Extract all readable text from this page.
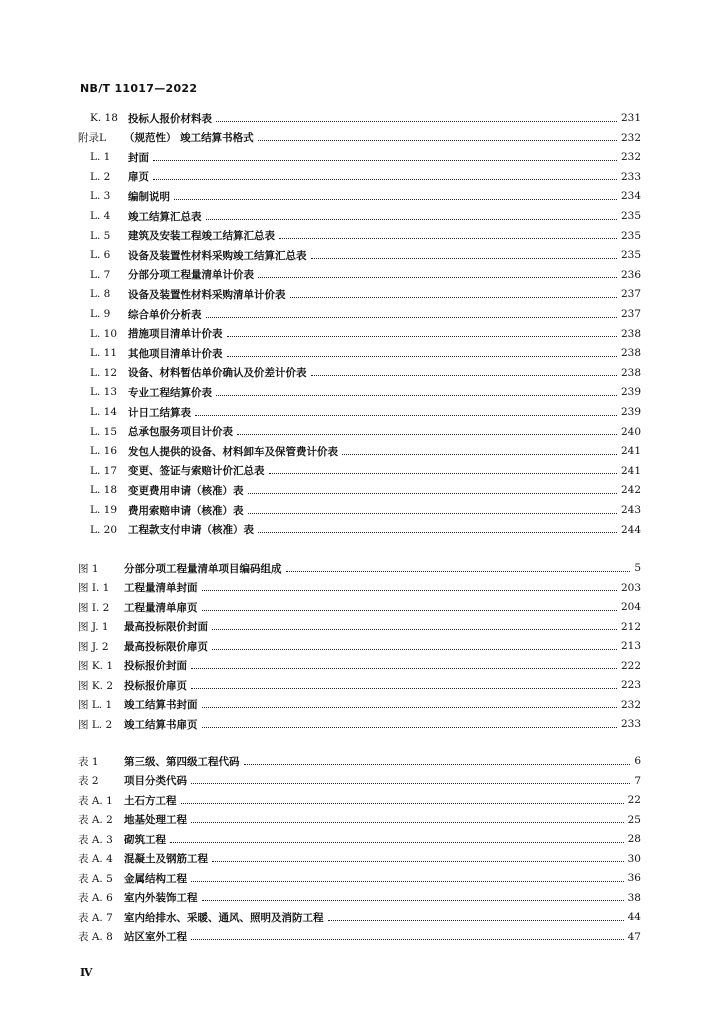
NB/T 11017—2022
K. 18 投标人报价材料表	231
附录L	（规范性） 竣工结算书格式	232
L. 1	封面	232
L. 2	扉页	233
L. 3	编制说明	234
L. 4	竣工结算汇总表	235
L. 5	建筑及安装工程竣工结算汇总表	235
L. 6	设备及装置性材料采购竣工结算汇总表	235
L. 7	分部分项工程量清单计价表	236
L. 8	设备及装置性材料采购清单计价表	237
L. 9	综合单价分析表	237
L. 10	措施项目清单计价表	238
L. 11	其他项目清单计价表	238
L. 12	设备、材料暂估单价确认及价差计价表	238
L. 13	专业工程结算价表	239
L. 14	计日工结算表	239
L. 15	总承包服务项目计价表	240
L. 16	发包人提供的设备、材料卸车及保管费计价表	241
L. 17	变更、签证与索赔计价汇总表	241
L. 18	变更费用申请（核准）表	242
L. 19	费用索赔申请（核准）表	243
L. 20	工程款支付申请（核准）表	244
图 1	分部分项工程量清单项目编码组成	5
图 I. 1	工程量清单封面	203
图 I. 2	工程量清单扉页	204
图 J. 1	最高投标限价封面	212
图 J. 2	最高投标限价扉页	213
图 K. 1	投标报价封面	222
图 K. 2	投标报价扉页	223
图 L. 1	竣工结算书封面	232
图 L. 2	竣工结算书扉页	233
表 1	第三级、第四级工程代码	6
表 2	项目分类代码	7
表 A. 1	土石方工程	22
表 A. 2	地基处理工程	25
表 A. 3	砌筑工程	28
表 A. 4	混凝土及钢筋工程	30
表 A. 5	金属结构工程	36
表 A. 6	室内外装饰工程	38
表 A. 7	室内给排水、采暖、通风、照明及消防工程	44
表 A. 8	站区室外工程	47
Ⅳ
